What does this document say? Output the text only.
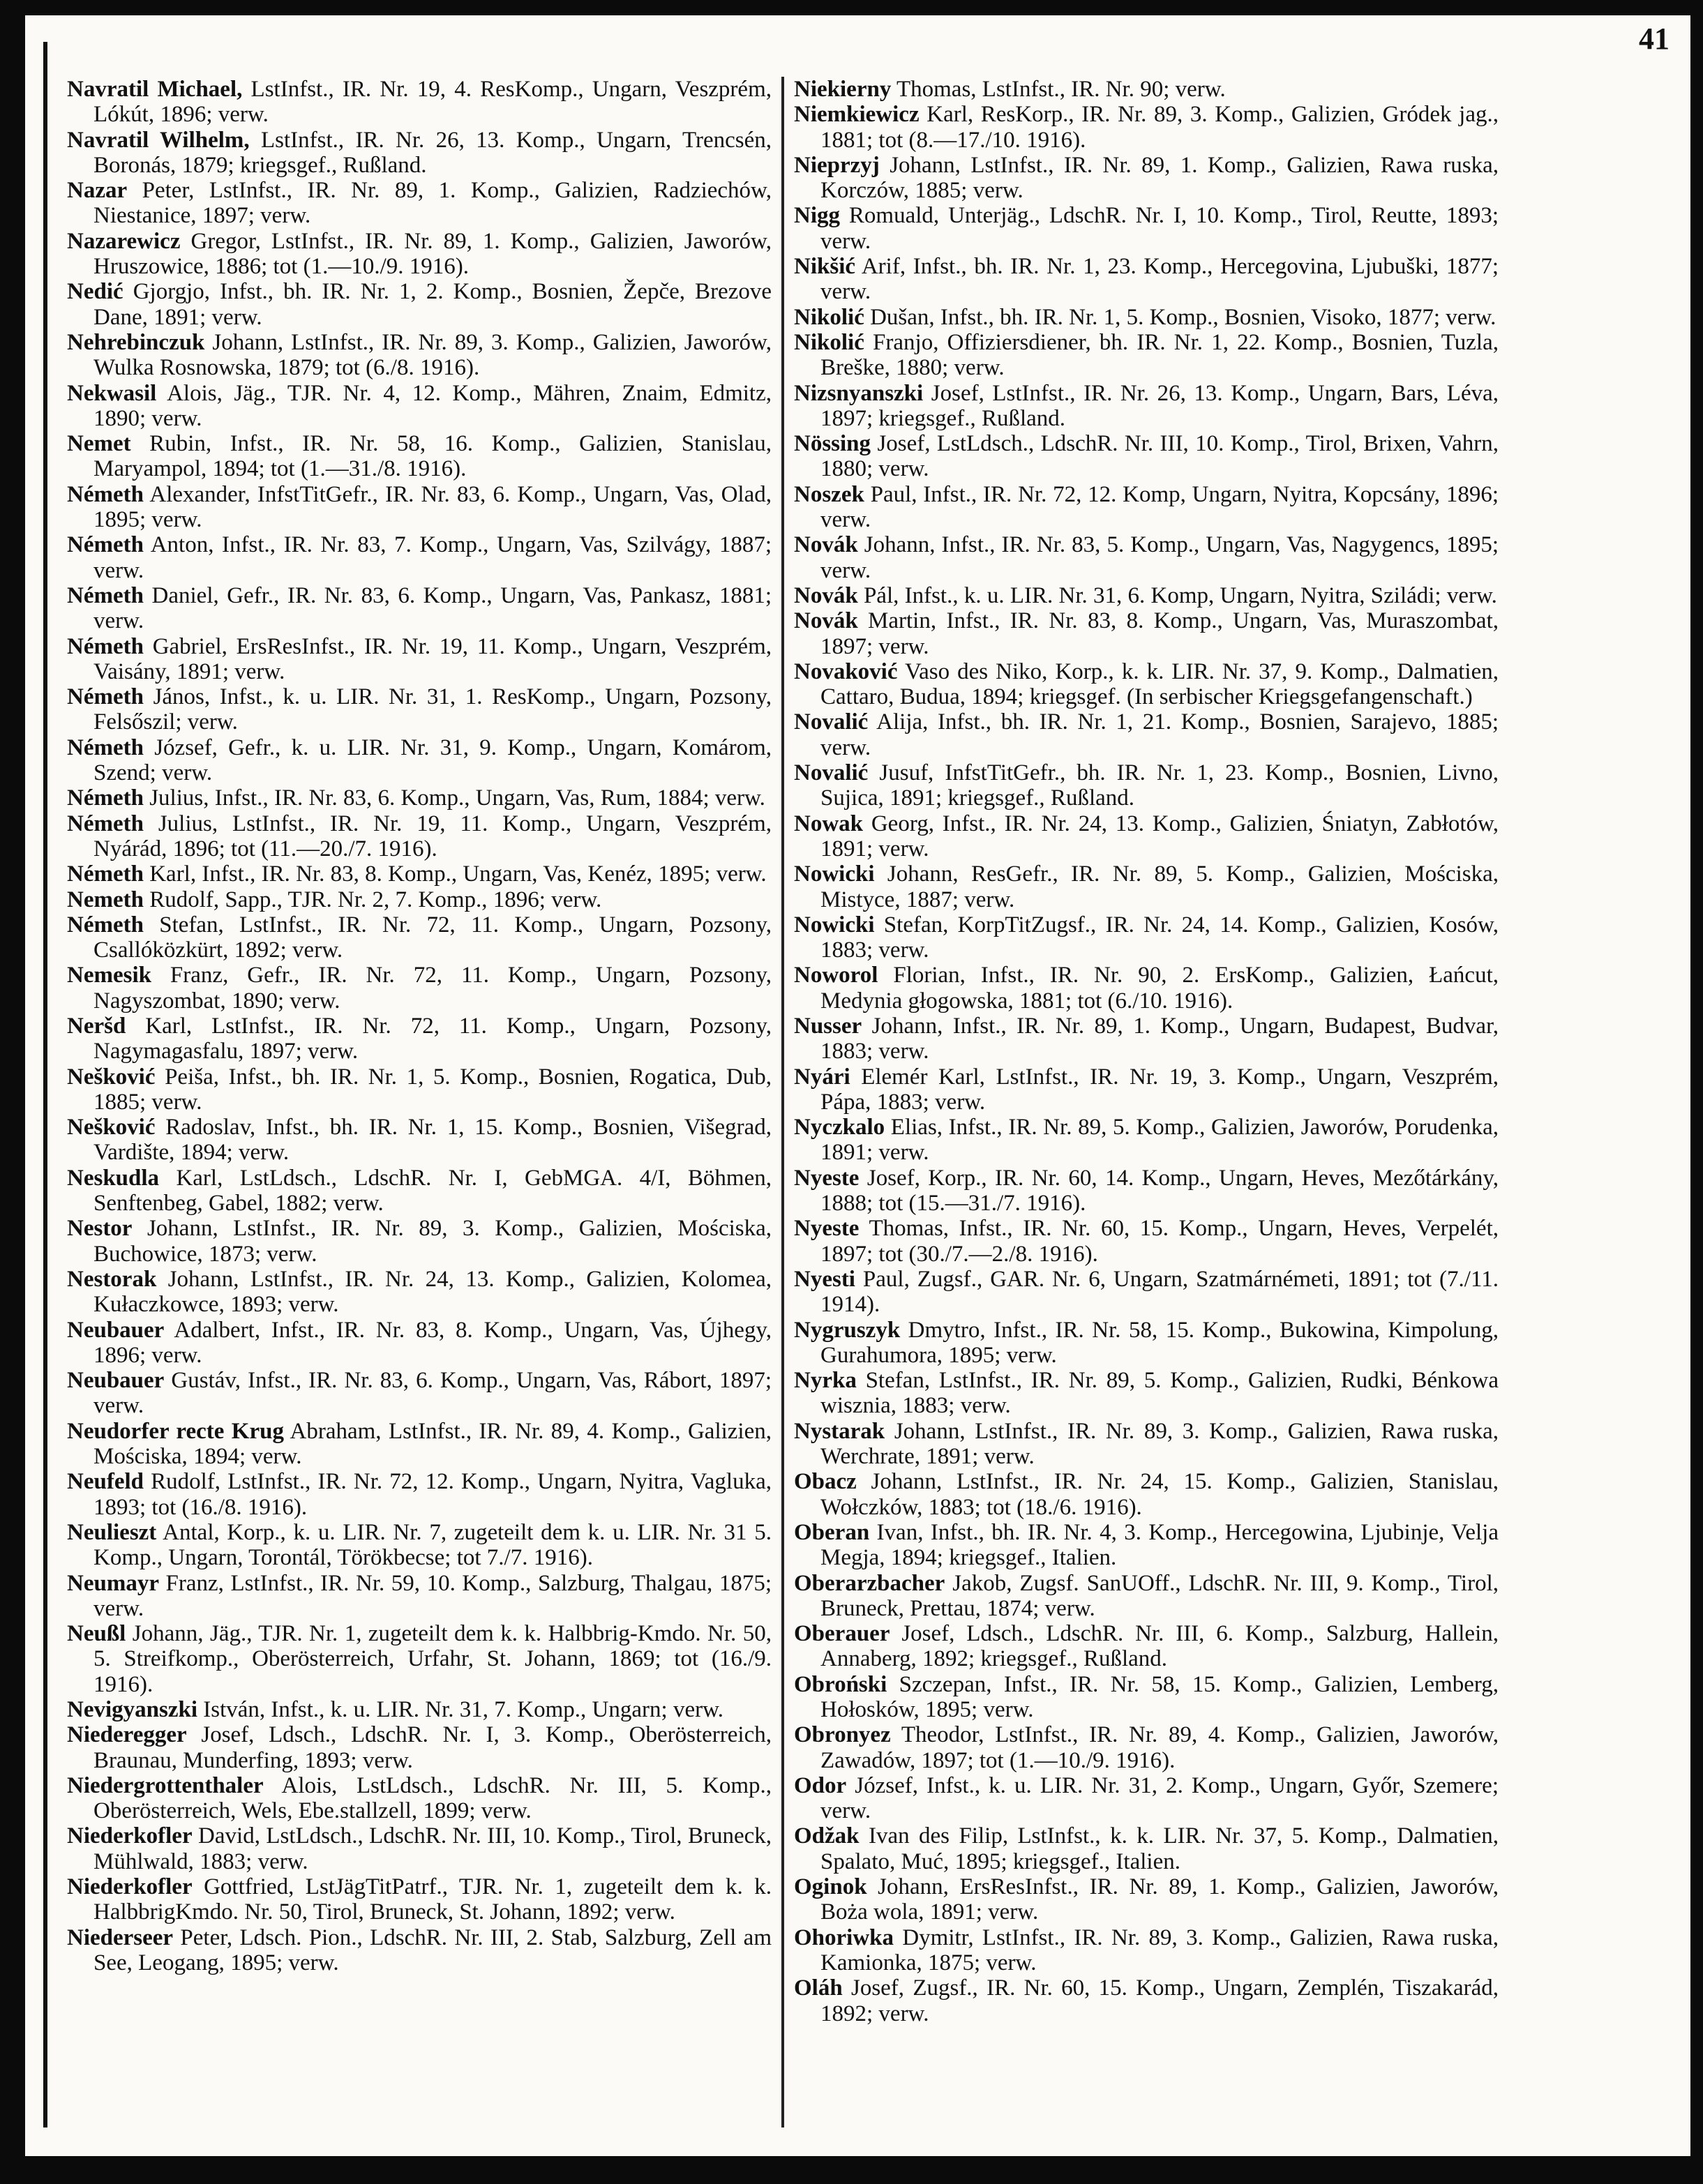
41

Navratil Michael, LstInfst., IR. Nr. 19, 4. ResKomp., Ungarn, Veszprém, Lókút, 1896; verw.

Navratil Wilhelm, LstInfst., IR. Nr. 26, 13. Komp., Ungarn, Trencsén, Boronás, 1879; kriegsgef., Rußland.

Nazar Peter, LstInfst., IR. Nr. 89, 1. Komp., Galizien, Radziechów, Niestanice, 1897; verw.

Nazarewicz Gregor, LstInfst., IR. Nr. 89, 1. Komp., Galizien, Jaworów, Hruszowice, 1886; tot (1.—10./9. 1916).

Nedić Gjorgjo, Infst., bh. IR. Nr. 1, 2. Komp., Bosnien, Žepče, Brezove Dane, 1891; verw.

Nehrebinczuk Johann, LstInfst., IR. Nr. 89, 3. Komp., Galizien, Jaworów, Wulka Rosnowska, 1879; tot (6./8. 1916).

Nekwasil Alois, Jäg., TJR. Nr. 4, 12. Komp., Mähren, Znaim, Edmitz, 1890; verw.

Nemet Rubin, Infst., IR. Nr. 58, 16. Komp., Galizien, Stanislau, Maryampol, 1894; tot (1.—31./8. 1916).

Németh Alexander, InfstTitGefr., IR. Nr. 83, 6. Komp., Ungarn, Vas, Olad, 1895; verw.

Németh Anton, Infst., IR. Nr. 83, 7. Komp., Ungarn, Vas, Szilvágy, 1887; verw.

Németh Daniel, Gefr., IR. Nr. 83, 6. Komp., Ungarn, Vas, Pankasz, 1881; verw.

Németh Gabriel, ErsResInfst., IR. Nr. 19, 11. Komp., Ungarn, Veszprém, Vaisány, 1891; verw.

Németh János, Infst., k. u. LIR. Nr. 31, 1. ResKomp., Ungarn, Pozsony, Felsőszil; verw.

Németh József, Gefr., k. u. LIR. Nr. 31, 9. Komp., Ungarn, Komárom, Szend; verw.

Németh Julius, Infst., IR. Nr. 83, 6. Komp., Ungarn, Vas, Rum, 1884; verw.

Németh Julius, LstInfst., IR. Nr. 19, 11. Komp., Ungarn, Veszprém, Nyárád, 1896; tot (11.—20./7. 1916).

Németh Karl, Infst., IR. Nr. 83, 8. Komp., Ungarn, Vas, Kenéz, 1895; verw.

Nemeth Rudolf, Sapp., TJR. Nr. 2, 7. Komp., 1896; verw.

Németh Stefan, LstInfst., IR. Nr. 72, 11. Komp., Ungarn, Pozsony, Csallóközkürt, 1892; verw.

Nemesik Franz, Gefr., IR. Nr. 72, 11. Komp., Ungarn, Pozsony, Nagyszombat, 1890; verw.

Neršd Karl, LstInfst., IR. Nr. 72, 11. Komp., Ungarn, Pozsony, Nagymagasfalu, 1897; verw.

Nešković Peiša, Infst., bh. IR. Nr. 1, 5. Komp., Bosnien, Rogatica, Dub, 1885; verw.

Nešković Radoslav, Infst., bh. IR. Nr. 1, 15. Komp., Bosnien, Višegrad, Vardište, 1894; verw.

Neskudla Karl, LstLdsch., LdschR. Nr. I, GebMGA. 4/I, Böhmen, Senftenbeg, Gabel, 1882; verw.

Nestor Johann, LstInfst., IR. Nr. 89, 3. Komp., Galizien, Mościska, Buchowice, 1873; verw.

Nestorak Johann, LstInfst., IR. Nr. 24, 13. Komp., Galizien, Kolomea, Kułaczkowce, 1893; verw.

Neubauer Adalbert, Infst., IR. Nr. 83, 8. Komp., Ungarn, Vas, Újhegy, 1896; verw.

Neubauer Gustáv, Infst., IR. Nr. 83, 6. Komp., Ungarn, Vas, Rábort, 1897; verw.

Neudorfer recte Krug Abraham, LstInfst., IR. Nr. 89, 4. Komp., Galizien, Mościska, 1894; verw.

Neufeld Rudolf, LstInfst., IR. Nr. 72, 12. Komp., Ungarn, Nyitra, Vagluka, 1893; tot (16./8. 1916).

Neulieszt Antal, Korp., k. u. LIR. Nr. 7, zugeteilt dem k. u. LIR. Nr. 31 5. Komp., Ungarn, Torontál, Törökbecse; tot 7./7. 1916).

Neumayr Franz, LstInfst., IR. Nr. 59, 10. Komp., Salzburg, Thalgau, 1875; verw.

Neußl Johann, Jäg., TJR. Nr. 1, zugeteilt dem k. k. Halbbrig-Kmdo. Nr. 50, 5. Streifkomp., Oberösterreich, Urfahr, St. Johann, 1869; tot (16./9. 1916).

Nevigyanszki István, Infst., k. u. LIR. Nr. 31, 7. Komp., Ungarn; verw.

Niederegger Josef, Ldsch., LdschR. Nr. I, 3. Komp., Oberösterreich, Braunau, Munderfing, 1893; verw.

Niedergrottenthaler Alois, LstLdsch., LdschR. Nr. III, 5. Komp., Oberösterreich, Wels, Ebe.stallzell, 1899; verw.

Niederkofler David, LstLdsch., LdschR. Nr. III, 10. Komp., Tirol, Bruneck, Mühlwald, 1883; verw.

Niederkofler Gottfried, LstJägTitPatrf., TJR. Nr. 1, zugeteilt dem k. k. HalbbrigKmdo. Nr. 50, Tirol, Bruneck, St. Johann, 1892; verw.

Niederseer Peter, Ldsch. Pion., LdschR. Nr. III, 2. Stab, Salzburg, Zell am See, Leogang, 1895; verw.

Niekierny Thomas, LstInfst., IR. Nr. 90; verw.

Niemkiewicz Karl, ResKorp., IR. Nr. 89, 3. Komp., Galizien, Gródek jag., 1881; tot (8.—17./10. 1916).

Nieprzyj Johann, LstInfst., IR. Nr. 89, 1. Komp., Galizien, Rawa ruska, Korczów, 1885; verw.

Nigg Romuald, Unterjäg., LdschR. Nr. I, 10. Komp., Tirol, Reutte, 1893; verw.

Nikšić Arif, Infst., bh. IR. Nr. 1, 23. Komp., Hercegovina, Ljubuški, 1877; verw.

Nikolić Dušan, Infst., bh. IR. Nr. 1, 5. Komp., Bosnien, Visoko, 1877; verw.

Nikolić Franjo, Offiziersdiener, bh. IR. Nr. 1, 22. Komp., Bosnien, Tuzla, Breške, 1880; verw.

Nizsnyanszki Josef, LstInfst., IR. Nr. 26, 13. Komp., Ungarn, Bars, Léva, 1897; kriegsgef., Rußland.

Nössing Josef, LstLdsch., LdschR. Nr. III, 10. Komp., Tirol, Brixen, Vahrn, 1880; verw.

Noszek Paul, Infst., IR. Nr. 72, 12. Komp, Ungarn, Nyitra, Kopcsány, 1896; verw.

Novák Johann, Infst., IR. Nr. 83, 5. Komp., Ungarn, Vas, Nagygencs, 1895; verw.

Novák Pál, Infst., k. u. LIR. Nr. 31, 6. Komp, Ungarn, Nyitra, Sziládi; verw.

Novák Martin, Infst., IR. Nr. 83, 8. Komp., Ungarn, Vas, Muraszombat, 1897; verw.

Novaković Vaso des Niko, Korp., k. k. LIR. Nr. 37, 9. Komp., Dalmatien, Cattaro, Budua, 1894; kriegsgef. (In serbischer Kriegsgefangenschaft.)

Novalić Alija, Infst., bh. IR. Nr. 1, 21. Komp., Bosnien, Sarajevo, 1885; verw.

Novalić Jusuf, InfstTitGefr., bh. IR. Nr. 1, 23. Komp., Bosnien, Livno, Sujica, 1891; kriegsgef., Rußland.

Nowak Georg, Infst., IR. Nr. 24, 13. Komp., Galizien, Śniatyn, Zabłotów, 1891; verw.

Nowicki Johann, ResGefr., IR. Nr. 89, 5. Komp., Galizien, Mościska, Mistyce, 1887; verw.

Nowicki Stefan, KorpTitZugsf., IR. Nr. 24, 14. Komp., Galizien, Kosów, 1883; verw.

Noworol Florian, Infst., IR. Nr. 90, 2. ErsKomp., Galizien, Łańcut, Medynia głogowska, 1881; tot (6./10. 1916).

Nusser Johann, Infst., IR. Nr. 89, 1. Komp., Ungarn, Budapest, Budvar, 1883; verw.

Nyári Elemér Karl, LstInfst., IR. Nr. 19, 3. Komp., Ungarn, Veszprém, Pápa, 1883; verw.

Nyczkalo Elias, Infst., IR. Nr. 89, 5. Komp., Galizien, Jaworów, Porudenka, 1891; verw.

Nyeste Josef, Korp., IR. Nr. 60, 14. Komp., Ungarn, Heves, Mezőtárkány, 1888; tot (15.—31./7. 1916).

Nyeste Thomas, Infst., IR. Nr. 60, 15. Komp., Ungarn, Heves, Verpelét, 1897; tot (30./7.—2./8. 1916).

Nyesti Paul, Zugsf., GAR. Nr. 6, Ungarn, Szatmárnémeti, 1891; tot (7./11. 1914).

Nygruszyk Dmytro, Infst., IR. Nr. 58, 15. Komp., Bukowina, Kimpolung, Gurahumora, 1895; verw.

Nyrka Stefan, LstInfst., IR. Nr. 89, 5. Komp., Galizien, Rudki, Bénkowa wisznia, 1883; verw.

Nystarak Johann, LstInfst., IR. Nr. 89, 3. Komp., Galizien, Rawa ruska, Werchrate, 1891; verw.

Obacz Johann, LstInfst., IR. Nr. 24, 15. Komp., Galizien, Stanislau, Wołczków, 1883; tot (18./6. 1916).

Oberan Ivan, Infst., bh. IR. Nr. 4, 3. Komp., Hercegowina, Ljubinje, Velja Megja, 1894; kriegsgef., Italien.

Oberarzbacher Jakob, Zugsf. SanUOff., LdschR. Nr. III, 9. Komp., Tirol, Bruneck, Prettau, 1874; verw.

Oberauer Josef, Ldsch., LdschR. Nr. III, 6. Komp., Salzburg, Hallein, Annaberg, 1892; kriegsgef., Rußland.

Obroński Szczepan, Infst., IR. Nr. 58, 15. Komp., Galizien, Lemberg, Hołosków, 1895; verw.

Obronyez Theodor, LstInfst., IR. Nr. 89, 4. Komp., Galizien, Jaworów, Zawadów, 1897; tot (1.—10./9. 1916).

Odor József, Infst., k. u. LIR. Nr. 31, 2. Komp., Ungarn, Győr, Szemere; verw.

Odžak Ivan des Filip, LstInfst., k. k. LIR. Nr. 37, 5. Komp., Dalmatien, Spalato, Muć, 1895; kriegsgef., Italien.

Oginok Johann, ErsResInfst., IR. Nr. 89, 1. Komp., Galizien, Jaworów, Boża wola, 1891; verw.

Ohoriwka Dymitr, LstInfst., IR. Nr. 89, 3. Komp., Galizien, Rawa ruska, Kamionka, 1875; verw.

Oláh Josef, Zugsf., IR. Nr. 60, 15. Komp., Ungarn, Zemplén, Tiszakarád, 1892; verw.
